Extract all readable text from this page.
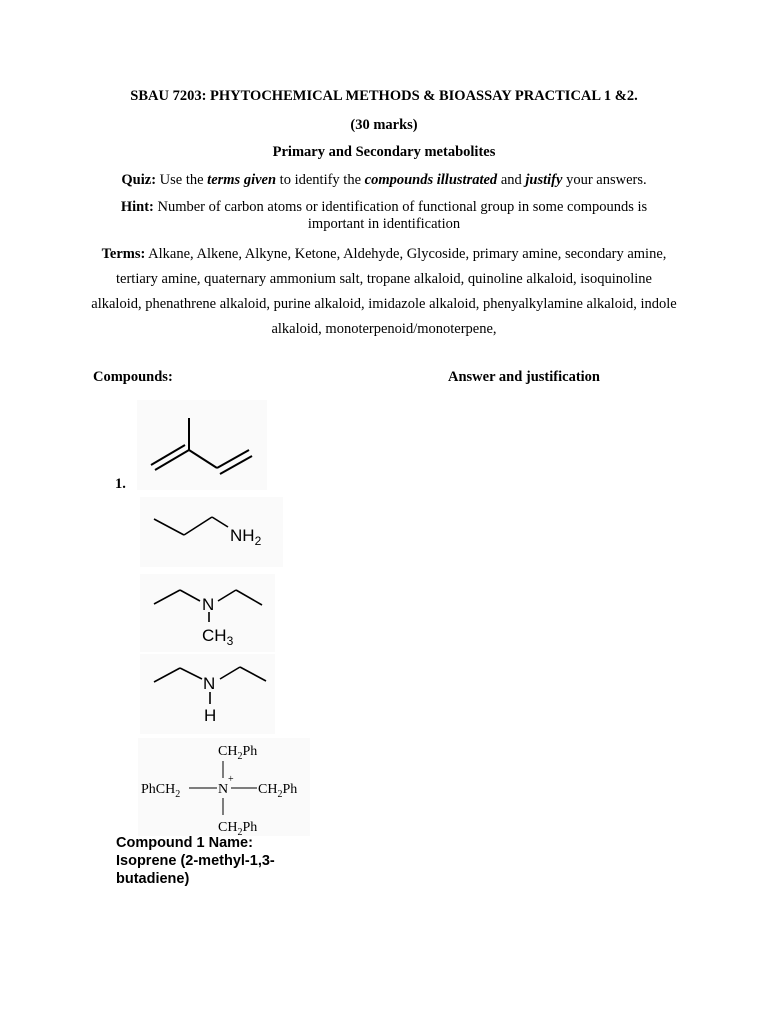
SBAU 7203: PHYTOCHEMICAL METHODS & BIOASSAY PRACTICAL 1 &2.
(30 marks)
Primary and Secondary metabolites
Quiz: Use the terms given to identify the compounds illustrated and justify your answers.
Hint: Number of carbon atoms or identification of functional group in some compounds is important in identification
Terms: Alkane, Alkene, Alkyne, Ketone, Aldehyde, Glycoside, primary amine, secondary amine, tertiary amine, quaternary ammonium salt, tropane alkaloid, quinoline alkaloid, isoquinoline alkaloid, phenathrene alkaloid, purine alkaloid, imidazole alkaloid, phenyalkylamine alkaloid, indole alkaloid, monoterpenoid/monoterpene,
Compounds:	Answer and justification
1.
$NH_2$
N
$CH_3$
N
H
$CH_2Ph$
PhCH$_2$	N
+
$CH_2Ph$
$CH_2Ph$
Compound 1 Name: Isoprene (2-methyl-1,3-butadiene)
